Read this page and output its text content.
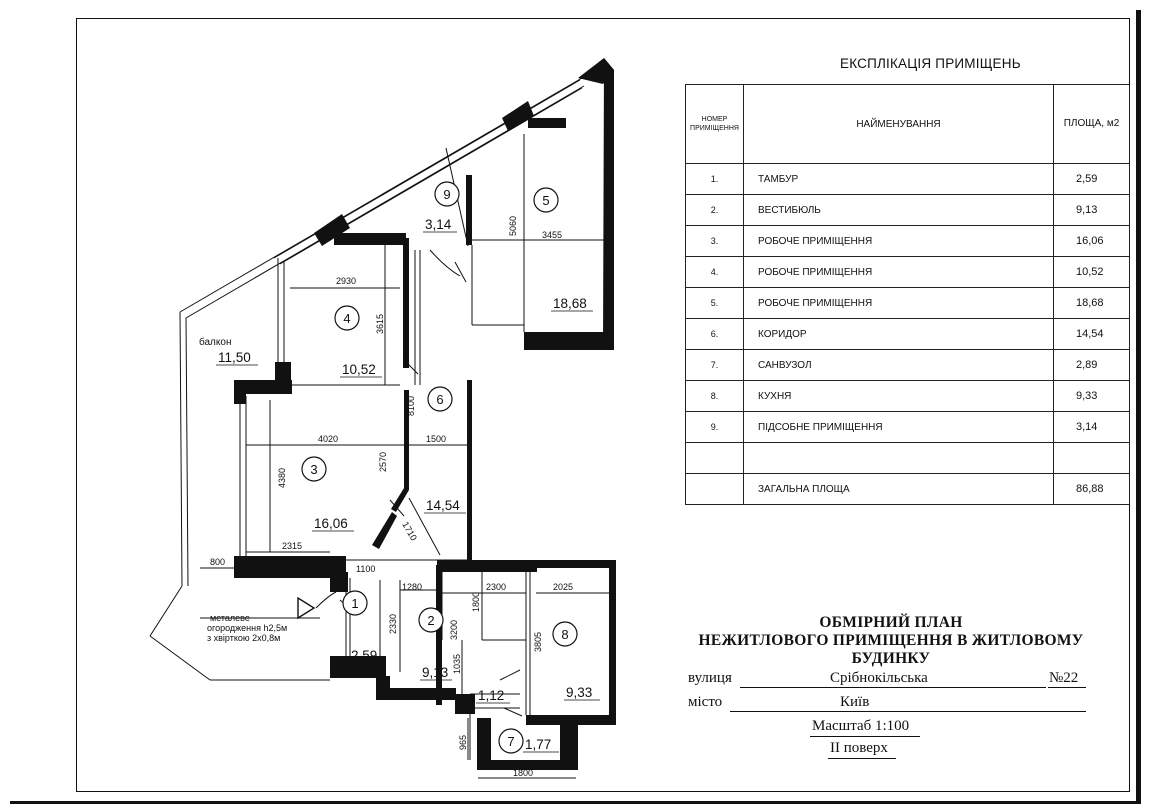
9	5
4
6
3
1
2
8
7
3,14
18,68
10,52
14,54
16,06
2,59
9,13
9,33
1,12
1,77
11,50
балкон
металеве
огородження h2,5м
з хвірткою 2х0,8м
5060	3455
2930
3615
8100
4020	1500
4380
2570
1710
800
2315
1100
1280
2330	3200
1800
2300	2025
3805
1035
965
1800
ЕКСПЛІКАЦІЯ ПРИМІЩЕНЬ
НОМЕР ПРИМІЩЕННЯ	НАЙМЕНУВАННЯ	ПЛОЩА, м2
1.	ТАМБУР	2,59
2.	ВЕСТИБЮЛЬ	9,13
3.	РОБОЧЕ ПРИМІЩЕННЯ	16,06
4.	РОБОЧЕ ПРИМІЩЕННЯ	10,52
5.	РОБОЧЕ ПРИМІЩЕННЯ	18,68
6.	КОРИДОР	14,54
7.	САНВУЗОЛ	2,89
8.	КУХНЯ	9,33
9.	ПІДСОБНЕ ПРИМІЩЕННЯ	3,14

	ЗАГАЛЬНА ПЛОЩА	86,88
ОБМІРНИЙ ПЛАН
НЕЖИТЛОВОГО ПРИМІЩЕННЯ В ЖИТЛОВОМУ БУДИНКУ
вулиця	Срібнокільська	№22
місто	Київ
Масштаб 1:100
II поверх
